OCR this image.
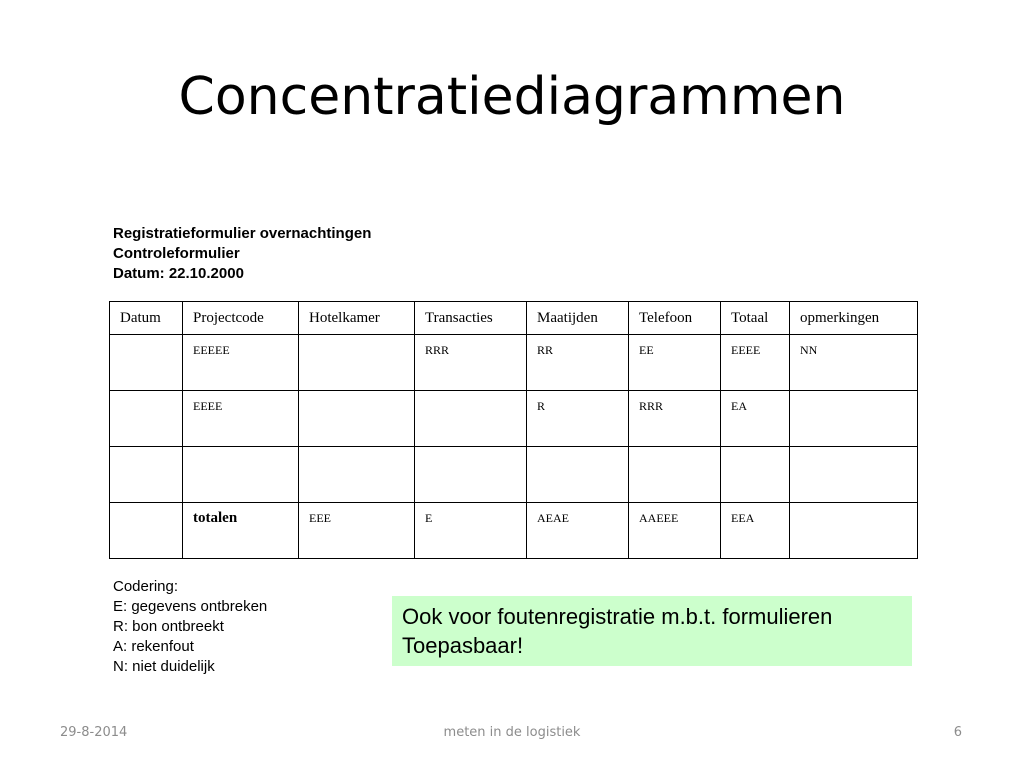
Concentratiediagrammen
Registratieformulier overnachtingen
Controleformulier
Datum: 22.10.2000
Datum	Projectcode	Hotelkamer	Transacties	Maatijden	Telefoon	Totaal	opmerkingen
	EEEEE		RRR	RR	EE	EEEE	NN
	EEEE			R	RRR	EA	

	totalen	EEE	E	AEAE	AAEEE	EEA	
Codering:
E: gegevens ontbreken
R: bon ontbreekt
A: rekenfout
N: niet duidelijk
Ook voor foutenregistratie m.b.t. formulieren
Toepasbaar!
29-8-2014	meten in de logistiek	6
